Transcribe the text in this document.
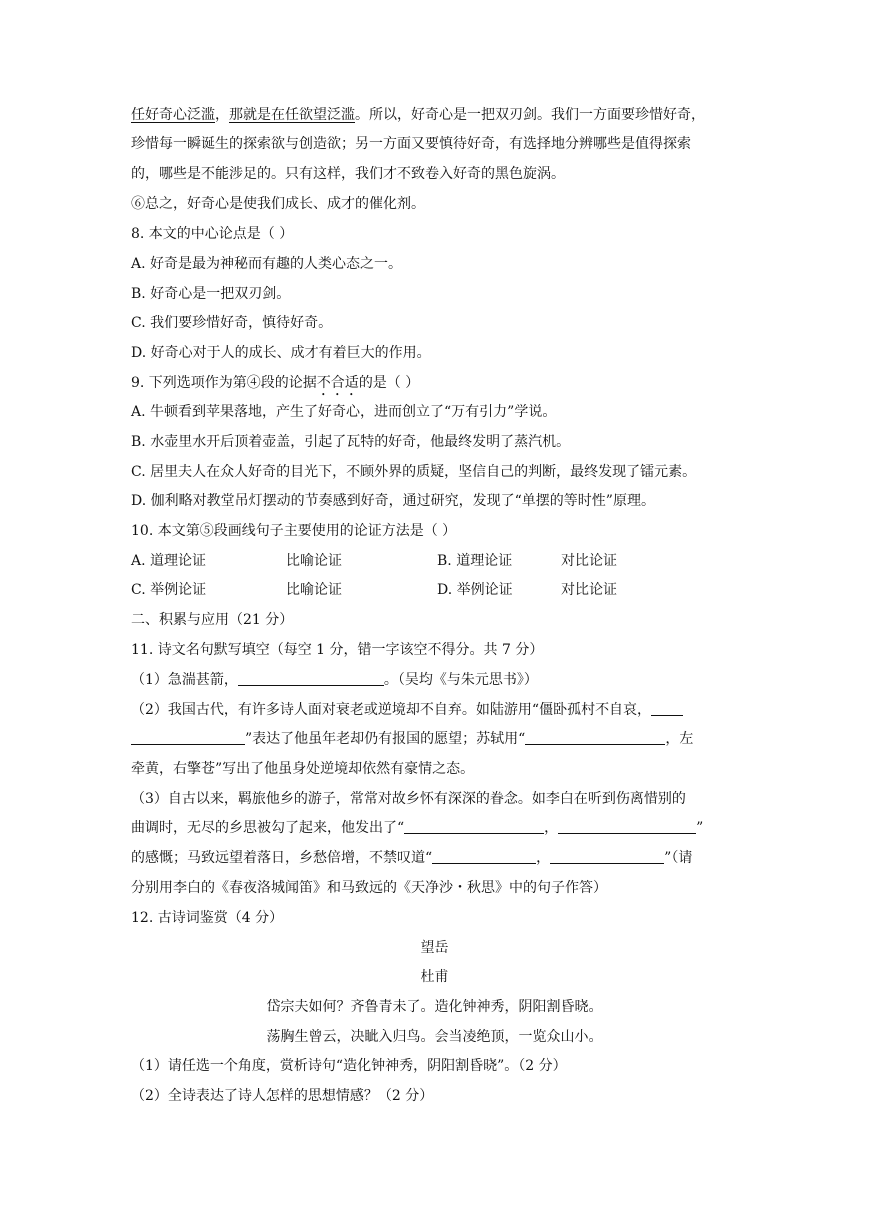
任好奇心泛滥，那就是在任欲望泛滥。所以，好奇心是一把双刃剑。我们一方面要珍惜好奇，
珍惜每一瞬诞生的探索欲与创造欲；另一方面又要慎待好奇，有选择地分辨哪些是值得探索
的，哪些是不能涉足的。只有这样，我们才不致卷入好奇的黑色旋涡。
⑥总之，好奇心是使我们成长、成才的催化剂。
8. 本文的中心论点是（ ）
A. 好奇是最为神秘而有趣的人类心态之一。
B. 好奇心是一把双刃剑。
C. 我们要珍惜好奇，慎待好奇。
D. 好奇心对于人的成长、成才有着巨大的作用。
9. 下列选项作为第④段的论据不合适的是（ ）
A. 牛顿看到苹果落地，产生了好奇心，进而创立了“万有引力”学说。
B. 水壶里水开后顶着壶盖，引起了瓦特的好奇，他最终发明了蒸汽机。
C. 居里夫人在众人好奇的目光下，不顾外界的质疑，坚信自己的判断，最终发现了镭元素。
D. 伽利略对教堂吊灯摆动的节奏感到好奇，通过研究，发现了“单摆的等时性”原理。
10. 本文第⑤段画线句子主要使用的论证方法是（ ）
A. 道理论证	比喻论证	B. 道理论证	对比论证
C. 举例论证	比喻论证	D. 举例论证	对比论证
二、积累与应用（21 分）
11. 诗文名句默写填空（每空 1 分，错一字该空不得分。共 7 分）
（1）急湍甚箭，	。（吴均《与朱元思书》）
（2）我国古代，有许多诗人面对衰老或逆境却不自弃。如陆游用“僵卧孤村不自哀，
”表达了他虽年老却仍有报国的愿望；苏轼用“	，左
牵黄，右擎苍”写出了他虽身处逆境却依然有豪情之态。
（3）自古以来，羁旅他乡的游子，常常对故乡怀有深深的眷念。如李白在听到伤离惜别的
曲调时，无尽的乡思被勾了起来，他发出了“	，	”
的感慨；马致远望着落日，乡愁倍增，不禁叹道“	，	”（请
分别用李白的《春夜洛城闻笛》和马致远的《天净沙・秋思》中的句子作答）
12. 古诗词鉴赏（4 分）
望岳
杜甫
岱宗夫如何？齐鲁青未了。造化钟神秀，阴阳割昏晓。
荡胸生曾云，决眦入归鸟。会当凌绝顶，一览众山小。
（1）请任选一个角度，赏析诗句“造化钟神秀，阴阳割昏晓”。（2 分）
（2）全诗表达了诗人怎样的思想情感？（2 分）
